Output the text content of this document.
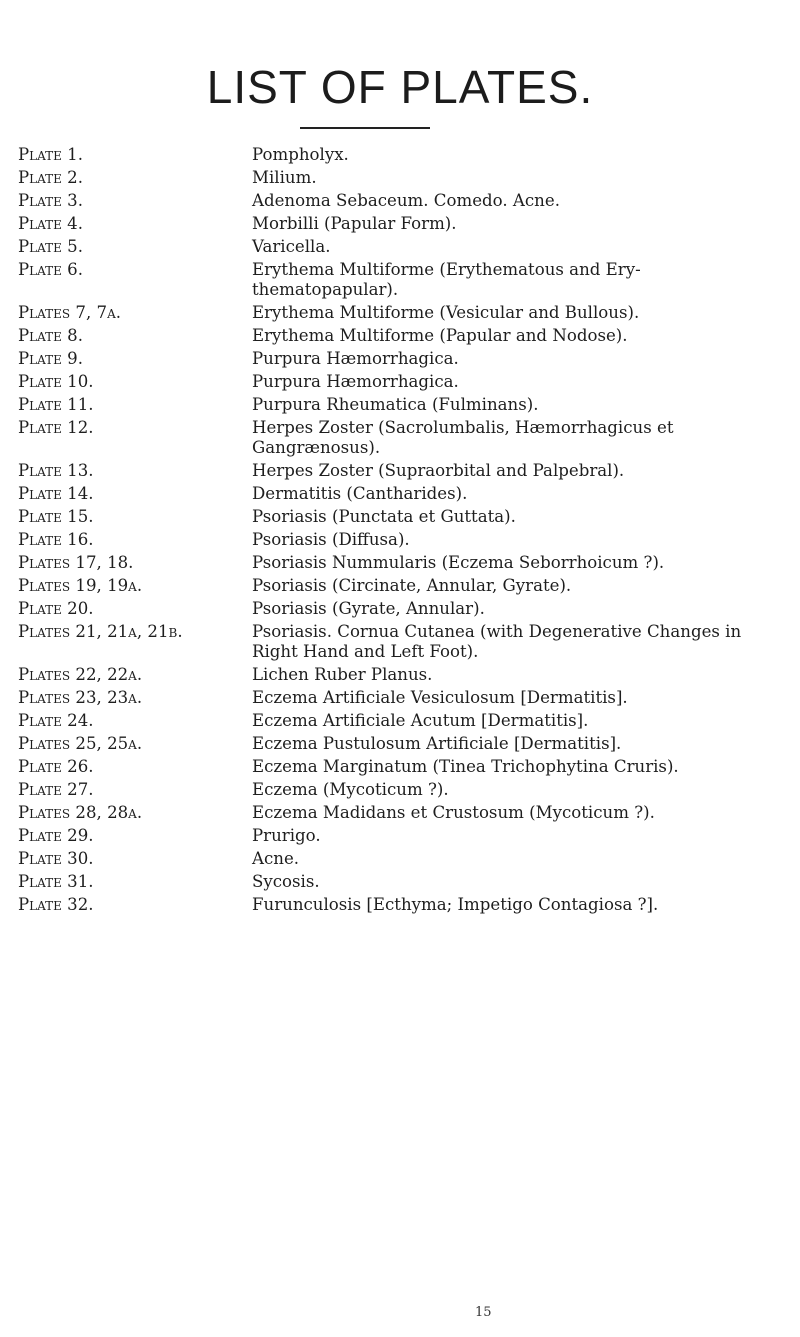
LIST OF PLATES.
Plate 1.	Pompholyx.
Plate 2.	Milium.
Plate 3.	Adenoma Sebaceum. Comedo. Acne.
Plate 4.	Morbilli (Papular Form).
Plate 5.	Varicella.
Plate 6.	Erythema Multiforme (Erythematous and Ery-thematopapular).
Plates 7, 7a.	Erythema Multiforme (Vesicular and Bullous).
Plate 8.	Erythema Multiforme (Papular and Nodose).
Plate 9.	Purpura Hæmorrhagica.
Plate 10.	Purpura Hæmorrhagica.
Plate 11.	Purpura Rheumatica (Fulminans).
Plate 12.	Herpes Zoster (Sacrolumbalis, Hæmorrhagicus et Gangrænosus).
Plate 13.	Herpes Zoster (Supraorbital and Palpebral).
Plate 14.	Dermatitis (Cantharides).
Plate 15.	Psoriasis (Punctata et Guttata).
Plate 16.	Psoriasis (Diffusa).
Plates 17, 18.	Psoriasis Nummularis (Eczema Seborrhoicum ?).
Plates 19, 19a.	Psoriasis (Circinate, Annular, Gyrate).
Plate 20.	Psoriasis (Gyrate, Annular).
Plates 21, 21a, 21b.	Psoriasis. Cornua Cutanea (with Degenerative Changes in Right Hand and Left Foot).
Plates 22, 22a.	Lichen Ruber Planus.
Plates 23, 23a.	Eczema Artificiale Vesiculosum [Dermatitis].
Plate 24.	Eczema Artificiale Acutum [Dermatitis].
Plates 25, 25a.	Eczema Pustulosum Artificiale [Dermatitis].
Plate 26.	Eczema Marginatum (Tinea Trichophytina Cruris).
Plate 27.	Eczema (Mycoticum ?).
Plates 28, 28a.	Eczema Madidans et Crustosum (Mycoticum ?).
Plate 29.	Prurigo.
Plate 30.	Acne.
Plate 31.	Sycosis.
Plate 32.	Furunculosis [Ecthyma; Impetigo Contagiosa ?].
15
